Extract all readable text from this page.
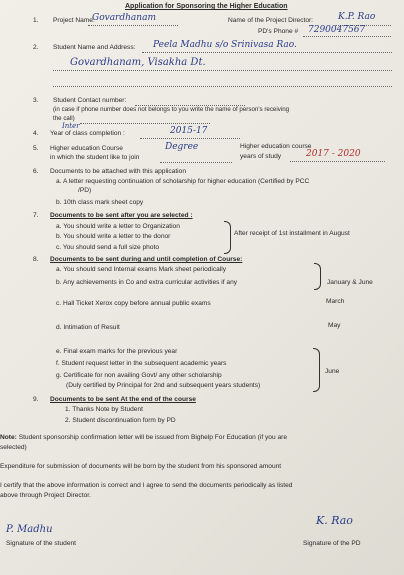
Application for Sponsoring the Higher Education
1. Project Name:
Govardhanam	Name of the Project Director:	K.P. Rao
PD's Phone # 7290047567
2. Student Name and Address: Peela Madhu s/o Srinivasa Rao.
Govardhanam, Visakha Dt.
3. Student Contact number:
(in case if phone number does not belongs to you write the name of person's receiving
the call)
4. Year of class completion :
Inter	2015-17
5. Higher education Course
in which the student like to join
Degree	Higher education course
years of study	2017 - 2020
6. Documents to be attached with this application
a. A letter requesting continuation of scholarship for higher education (Certified by PCC
/PD)
b. 10th class mark sheet copy
7. Documents to be sent after you are selected :
a. You should write a letter to Organization
b. You should write a letter to the donor
c. You should send a full size photo
After receipt of 1st installment in August
8. Documents to be sent during and until completion of Course:
a. You should send Internal exams Mark sheet periodically
b. Any achievements in Co and extra curricular activities if any	January & June
c. Hall Ticket Xerox copy before annual public exams	March
d. Intimation of Result	May
e. Final exam marks for the previous year
f. Student request letter in the subsequent academic years
g. Certificate for non availing Govt/ any other scholarship
(Duly certified by Principal for 2nd and subsequent years students)
June
9. Documents to be sent At the end of the course
1. Thanks Note by Student
2. Student discontinuation form by PD
Note: Student sponsorship confirmation letter will be issued from Bighelp For Education (if you are
selected)
Expenditure for submission of documents will be born by the student from his sponsored amount
I certify that the above information is correct and I agree to send the documents periodically as listed
above through Project Director.
P. Madhu
Signature of the student
K. Rao
Signature of the PD
